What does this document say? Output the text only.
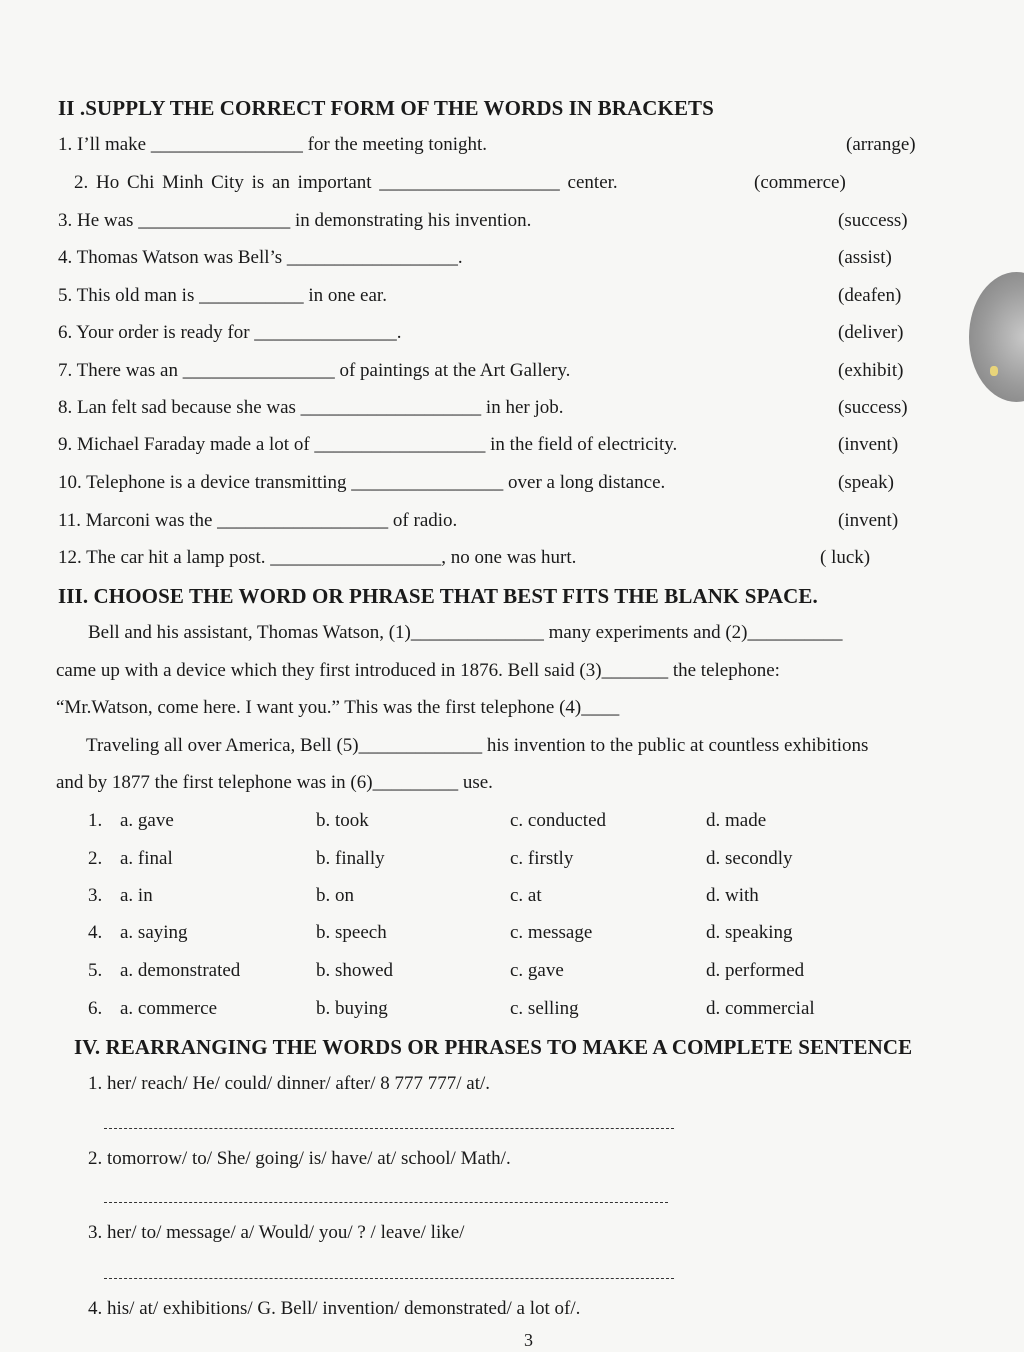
II .SUPPLY THE CORRECT FORM OF THE WORDS IN BRACKETS
1. I’ll make ________________ for the meeting tonight.	(arrange)
2. Ho Chi Minh City is an important ___________________ center.	(commerce)
3. He was ________________ in demonstrating his invention.	(success)
4. Thomas Watson was Bell’s __________________.	(assist)
5. This old man is ___________ in one ear.	(deafen)
6. Your order is ready for _______________.	(deliver)
7. There was an ________________ of paintings at the Art Gallery.	(exhibit)
8. Lan felt sad because she was ___________________ in her job.	(success)
9. Michael Faraday made a lot of __________________ in the field of electricity.	(invent)
10. Telephone is a device transmitting ________________ over a long distance.	(speak)
11. Marconi was the __________________ of radio.	(invent)
12. The car hit a lamp post. __________________, no one was hurt.	( luck)
III. CHOOSE THE WORD OR PHRASE THAT BEST FITS THE BLANK SPACE.
Bell and his assistant, Thomas Watson, (1)______________ many experiments and (2)__________
came up with a device which they first introduced in 1876. Bell said (3)_______ the telephone:
“Mr.Watson, come here. I want you.” This was the first telephone (4)____
Traveling all over America, Bell (5)_____________ his invention to the public at countless exhibitions
and by 1877 the first telephone was in (6)_________ use.
1. a. gave	b. took	c. conducted	d. made
2. a. final	b. finally	c. firstly	d. secondly
3. a. in	b. on	c. at	d. with
4. a. saying	b. speech	c. message	d. speaking
5. a. demonstrated	b. showed	c. gave	d. performed
6. a. commerce	b. buying	c. selling	d. commercial
IV. REARRANGING THE WORDS OR PHRASES TO MAKE A COMPLETE SENTENCE
1. her/ reach/ He/ could/ dinner/ after/ 8 777 777/ at/.
2. tomorrow/ to/ She/ going/ is/ have/ at/ school/ Math/.
3. her/ to/ message/ a/ Would/ you/ ? / leave/ like/
4. his/ at/ exhibitions/ G. Bell/ invention/ demonstrated/ a lot of/.
3
